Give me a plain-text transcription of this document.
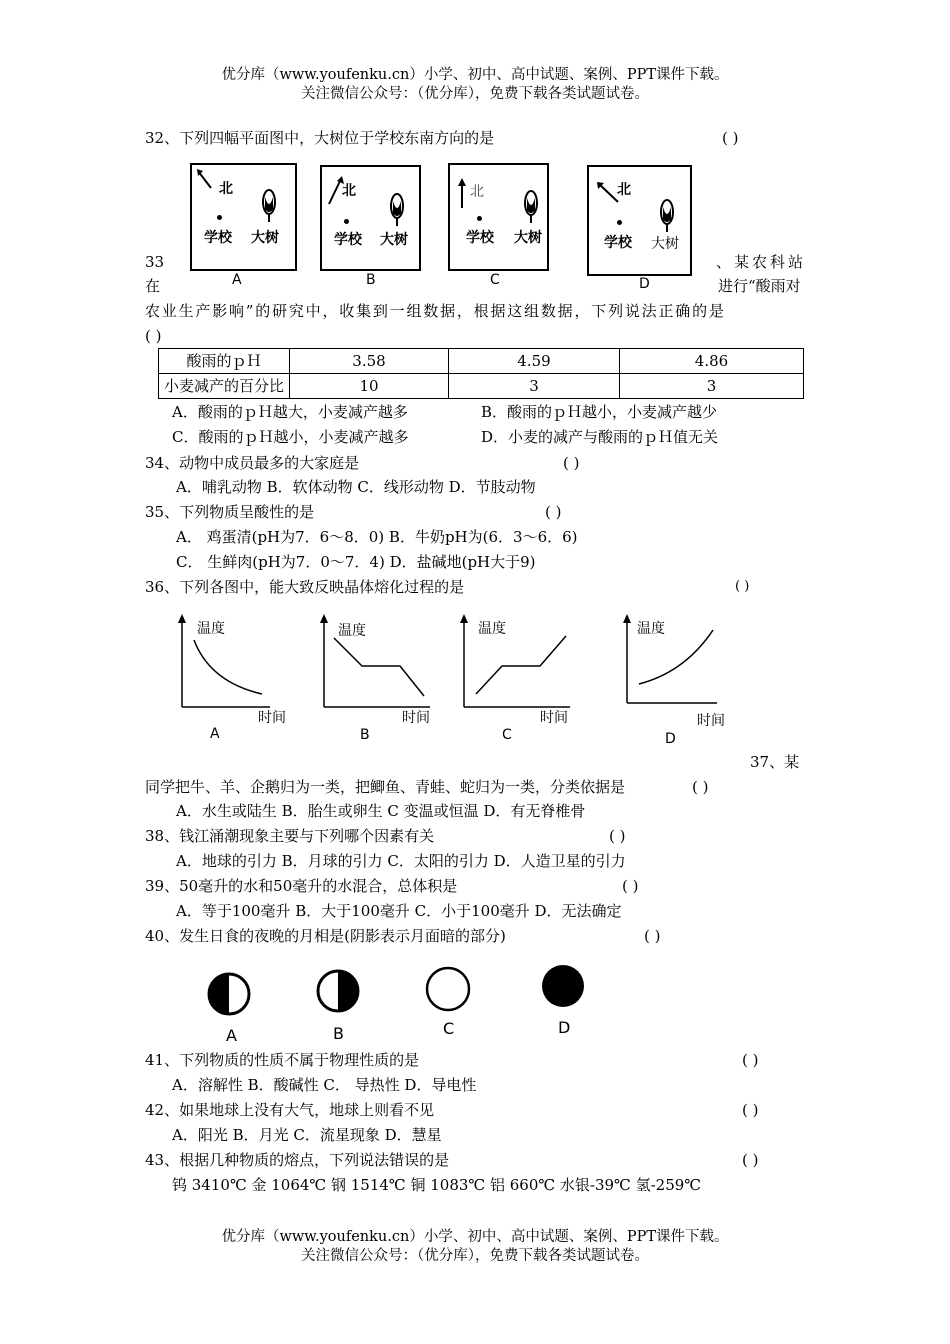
优分库（www.youfenku.cn）小学、初中、高中试题、案例、PPT课件下载。
关注微信公众号：（优分库），免费下载各类试题试卷。
32、下列四幅平面图中，大树位于学校东南方向的是	( )
北
学校 大树
A
北
学校 大树
B
北
学校 大树
C
北
学校 大树
D
33	、某农科站
在	进行“酸雨对
农业生产影响”的研究中，收集到一组数据，根据这组数据，下列说法正确的是
( )
酸雨的ｐＨ	3.58	4.59	4.86
小麦减产的百分比	10	3	3
A．酸雨的ｐＨ越大，小麦减产越多	B．酸雨的ｐＨ越小，小麦减产越少
C．酸雨的ｐＨ越小，小麦减产越多	D．小麦的减产与酸雨的ｐＨ值无关
34、动物中成员最多的大家庭是	( )
A．哺乳动物 B．软体动物 C．线形动物 D．节肢动物
35、下列物质呈酸性的是	( )
A． 鸡蛋清(pH为7．6～8．0) B．牛奶pH为(6．3～6．6)
C． 生鲜肉(pH为7．0～7．4) D．盐碱地(pH大于9)
36、下列各图中，能大致反映晶体熔化过程的是	( )
温度
时间
A
温度
时间
B
温度
时间
C
温度
时间
D
37、某
同学把牛、羊、企鹅归为一类，把鲫鱼、青蛙、蛇归为一类，分类依据是	( )
A．水生或陆生 B．胎生或卵生 C 变温或恒温 D．有无脊椎骨
38、钱江涌潮现象主要与下列哪个因素有关	( )
A．地球的引力 B．月球的引力 C．太阳的引力 D．人造卫星的引力
39、50毫升的水和50毫升的水混合，总体积是	( )
A．等于100毫升 B．大于100毫升 C．小于100毫升 D．无法确定
40、发生日食的夜晚的月相是(阴影表示月面暗的部分)	( )
A	B	C	D
41、下列物质的性质不属于物理性质的是	( )
A．溶解性 B．酸碱性 C． 导热性 D．导电性
42、如果地球上没有大气，地球上则看不见	( )
A．阳光 B．月光 C．流星现象 D．慧星
43、根据几种物质的熔点，下列说法错误的是	( )
钨 3410℃ 金 1064℃ 钢 1514℃ 铜 1083℃ 铝 660℃ 水银-39℃ 氢-259℃
优分库（www.youfenku.cn）小学、初中、高中试题、案例、PPT课件下载。
关注微信公众号：（优分库），免费下载各类试题试卷。
